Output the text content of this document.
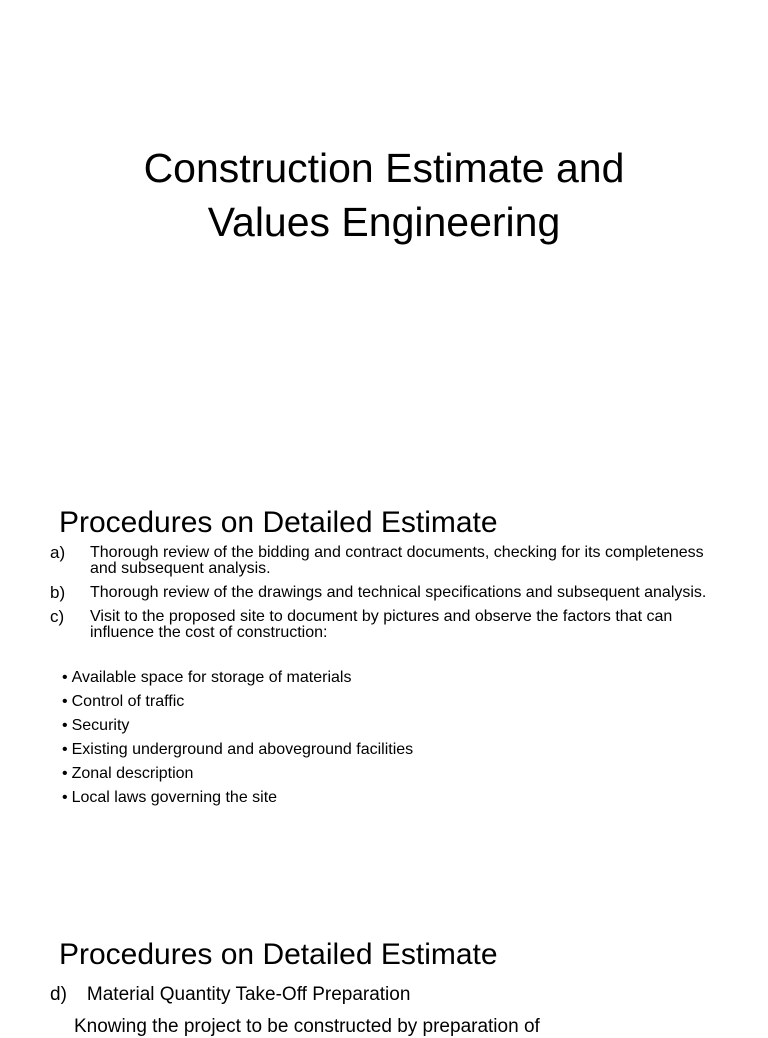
Construction Estimate and
Values Engineering
Procedures on Detailed Estimate
a) Thorough review of the bidding and contract documents, checking for its completeness and subsequent analysis.
b) Thorough review of the drawings and technical specifications and subsequent analysis.
c) Visit to the proposed site to document by pictures and observe the factors that can influence the cost of construction:
• Available space for storage of materials
• Control of traffic
• Security
• Existing underground and aboveground facilities
• Zonal description
• Local laws governing the site
Procedures on Detailed Estimate
d) Material Quantity Take-Off Preparation
Knowing the project to be constructed by preparation of
